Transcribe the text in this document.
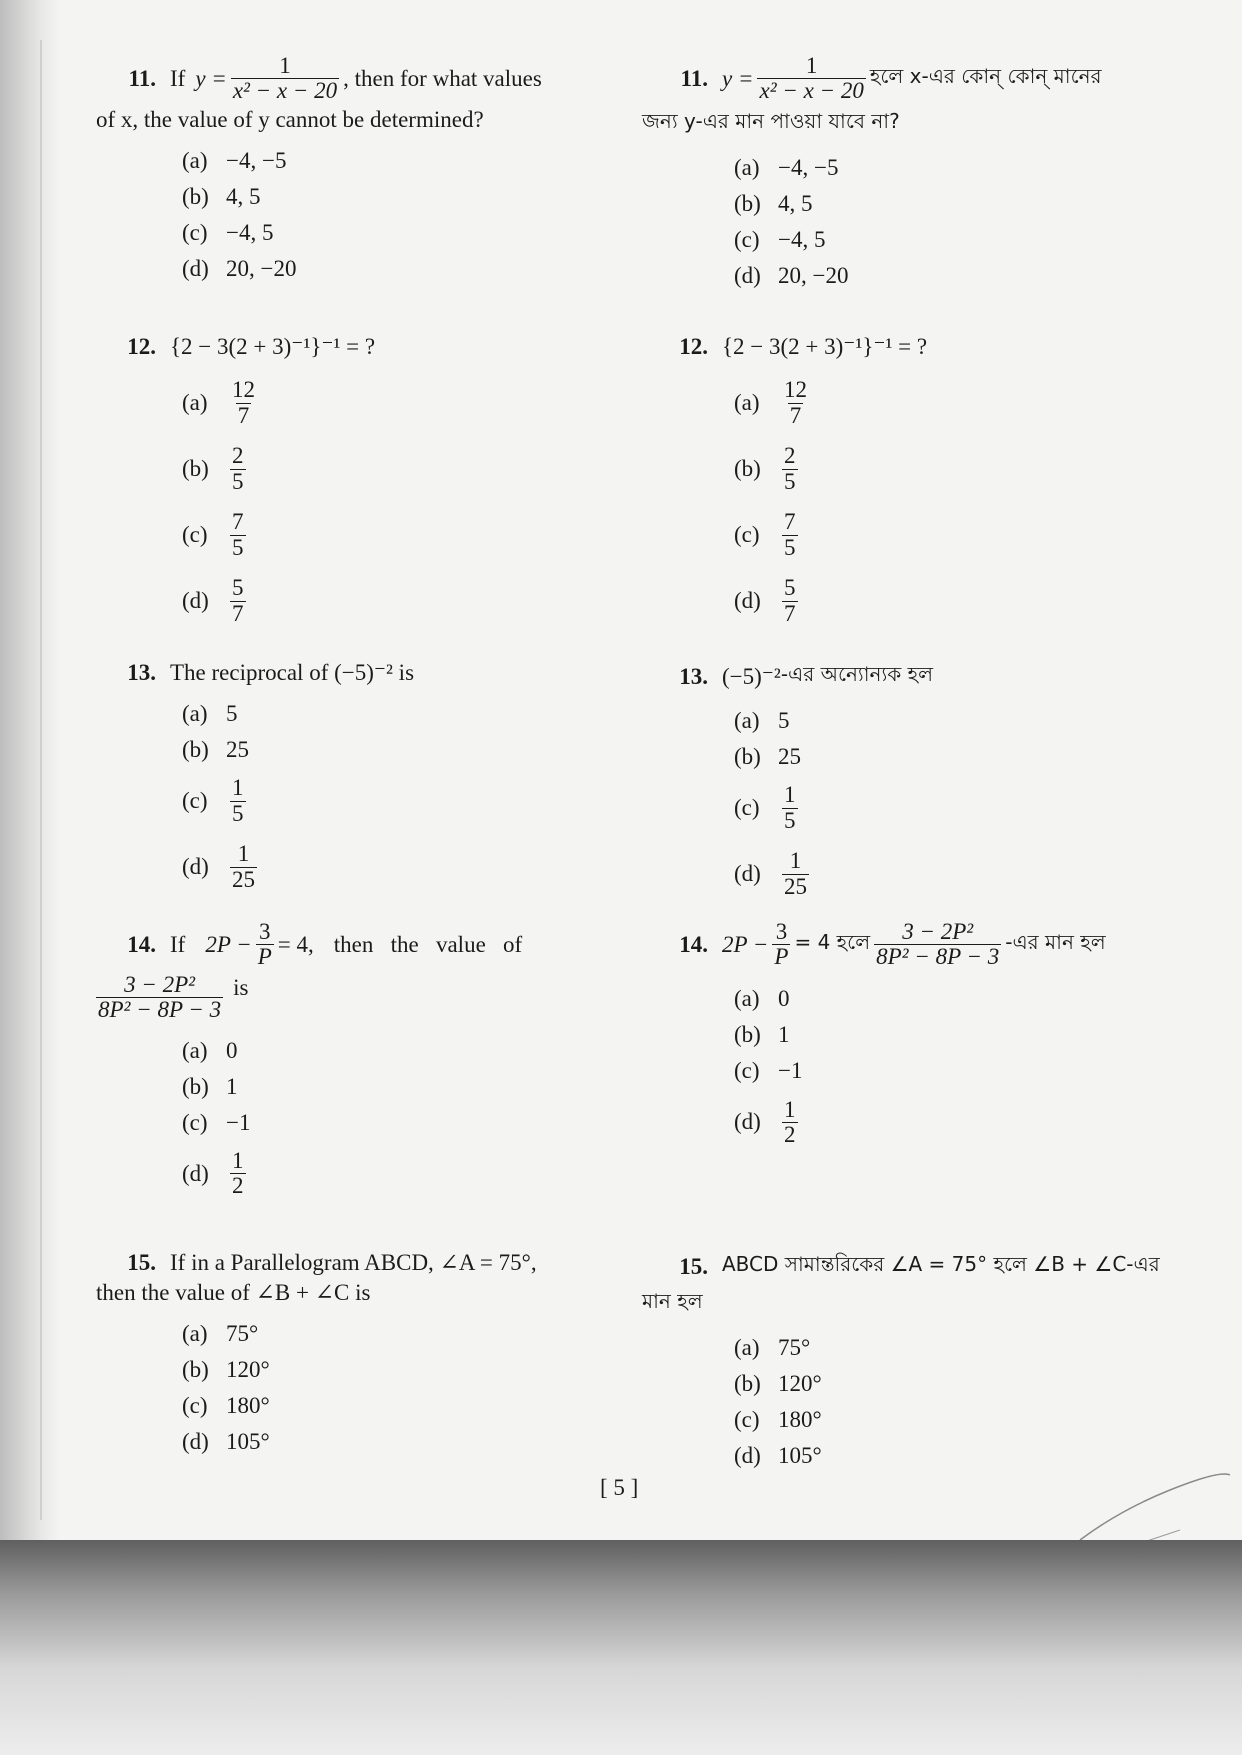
11. If $y = \frac{1}{\text{x² − x − 20}}$ , then for what values
of x, the value of y cannot be determined?
(a) −4, −5
(b) 4, 5
(c) −4, 5
(d) 20, −20
12. {2 − 3(2 + 3)⁻¹}⁻¹ = ?
$(a) \frac{12}{7}$
$(b) \frac{2}{5}$
$(c) \frac{7}{5}$
$(d) \frac{5}{7}$
13. The reciprocal of (−5)⁻² is
(a) 5
(b) 25
$(c) \frac{1}{5}$
$(d) \frac{1}{25}$
14. If $2P - \frac{3}{P} = 4$, then   the   value   of
$\frac{\text{3 − 2P²}}{\text{8P² − 8P − 3}}$ is
(a) 0
(b) 1
(c) −1
$(d) \frac{1}{2}$
15. If in a Parallelogram ABCD, ∠A = 75°,
then the value of ∠B + ∠C is
(a) 75°
(b) 120°
(c) 180°
(d) 105°
11. $y = \frac{1}{\text{x² − x − 20}}$ হলে x-এর কোন্ কোন্ মানের
জন্য y-এর মান পাওয়া যাবে না?
(a) −4, −5
(b) 4, 5
(c) −4, 5
(d) 20, −20
12. {2 − 3(2 + 3)⁻¹}⁻¹ = ?
$(a) \frac{12}{7}$
$(b) \frac{2}{5}$
$(c) \frac{7}{5}$
$(d) \frac{5}{7}$
13. (−5)⁻² -এর অন্যোন্যক হল
(a) 5
(b) 25
$(c) \frac{1}{5}$
$(d) \frac{1}{25}$
14. $2P - \frac{3}{P} = 4$ হলে $\frac{\text{3 − 2P²}}{\text{8P² − 8P − 3}}$ -এর মান হল
(a) 0
(b) 1
(c) −1
$(d) \frac{1}{2}$
15. ABCD সামান্তরিকের ∠A = 75° হলে ∠B + ∠C-এর
মান হল
(a) 75°
(b) 120°
(c) 180°
(d) 105°
[ 5 ]
